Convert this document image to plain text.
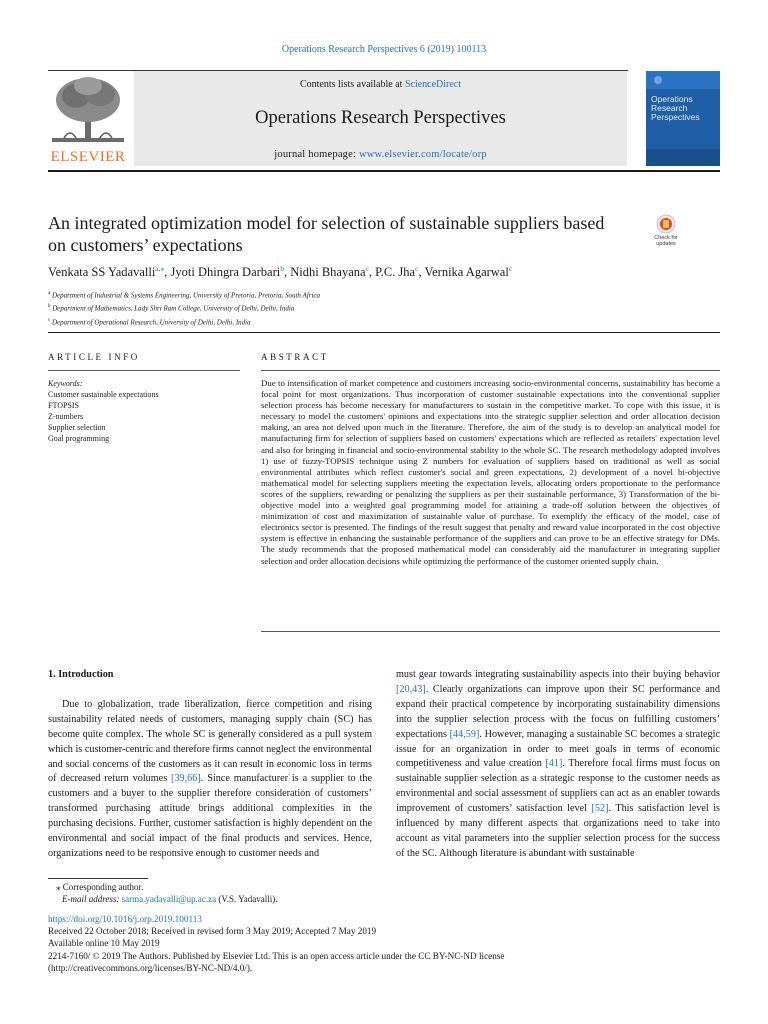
Operations Research Perspectives 6 (2019) 100113
ELSEVIER
Contents lists available at ScienceDirect
Operations Research Perspectives
journal homepage: www.elsevier.com/locate/orp
Operations Research Perspectives
An integrated optimization model for selection of sustainable suppliers based on customers’ expectations	Check for updates
Venkata SS Yadavalli$^{a,⁎}$, Jyoti Dhingra Darbari$^b$, Nidhi Bhayana$^c$, P.C. Jha$^c$, Vernika Agarwal$^c$
$^a$ Department of Industrial & Systems Engineering, University of Pretoria, Pretoria, South Africa
$^b$ Department of Mathematics, Lady Shri Ram College, University of Delhi, Delhi, India
$^c$ Department of Operational Research, University of Delhi, Delhi, India
ARTICLE INFO	ABSTRACT
Keywords:
Customer sustainable expectations
FTOPSIS
Z-numbers
Supplier selection
Goal programming
Due to intensification of market competence and customers increasing socio-environmental concerns, sustainability has become a focal point for most organizations. Thus incorporation of customer sustainable expectations into the conventional supplier selection process has become necessary for manufacturers to sustain in the competitive market. To cope with this issue, it is necessary to model the customers' opinions and expectations into the strategic supplier selection and order allocation decision making, an area not delved upon much in the literature. Therefore, the aim of the study is to develop an analytical model for manufacturing firm for selection of suppliers based on customers' expectations which are reflected as retailers' expectation level and also for bringing in financial and socio-environmental stability to the whole SC. The research methodology adopted involves 1) use of fuzzy-TOPSIS technique using Z numbers for evaluation of suppliers based on traditional as well as social environmental attributes which reflect customer's social and green expectations, 2) development of a novel bi-objective mathematical model for selecting suppliers meeting the expectation levels, allocating orders proportionate to the performance scores of the suppliers, rewarding or penalizing the suppliers as per their sustainable performance, 3) Transformation of the bi-objective model into a weighted goal programming model for attaining a trade-off solution between the objectives of minimization of cost and maximization of sustainable value of purchase. To exemplify the efficacy of the model, case of electronics sector is presented. The findings of the result suggest that penalty and reward value incorporated in the cost objective system is effective in enhancing the sustainable performance of the suppliers and can prove to be an effective strategy for DMs. The study recommends that the proposed mathematical model can considerably aid the manufacturer in integrating supplier selection and order allocation decisions while optimizing the performance of the customer oriented supply chain.
1. Introduction
Due to globalization, trade liberalization, fierce competition and rising sustainability related needs of customers, managing supply chain (SC) has become quite complex. The whole SC is generally considered as a pull system which is customer-centric and therefore firms cannot neglect the environmental and social concerns of the customers as it can result in economic loss in terms of decreased return volumes [39,66]. Since manufacturer is a supplier to the customers and a buyer to the supplier therefore consideration of customers’ transformed purchasing attitude brings additional complexities in the purchasing decisions. Further, customer satisfaction is highly dependent on the environmental and social impact of the final products and services. Hence, organizations need to be responsive enough to customer needs and
must gear towards integrating sustainability aspects into their buying behavior [20,43]. Clearly organizations can improve upon their SC performance and expand their practical competence by incorporating sustainability dimensions into the supplier selection process with the focus on fulfilling customers’ expectations [44,59]. However, managing a sustainable SC becomes a strategic issue for an organization in order to meet goals in terms of economic competitiveness and value creation [41]. Therefore focal firms must focus on sustainable supplier selection as a strategic response to the customer needs as environmental and social assessment of suppliers can act as an enabler towards improvement of customers’ satisfaction level [52]. This satisfaction level is influenced by many different aspects that organizations need to take into account as vital parameters into the supplier selection process for the success of the SC. Although literature is abundant with sustainable
⁎ Corresponding author.
E-mail address: sarma.yadavalli@up.ac.za (V.S. Yadavalli).
https://doi.org/10.1016/j.orp.2019.100113
Received 22 October 2018; Received in revised form 3 May 2019; Accepted 7 May 2019
Available online 10 May 2019
2214-7160/ © 2019 The Authors. Published by Elsevier Ltd. This is an open access article under the CC BY-NC-ND license
(http://creativecommons.org/licenses/BY-NC-ND/4.0/).
